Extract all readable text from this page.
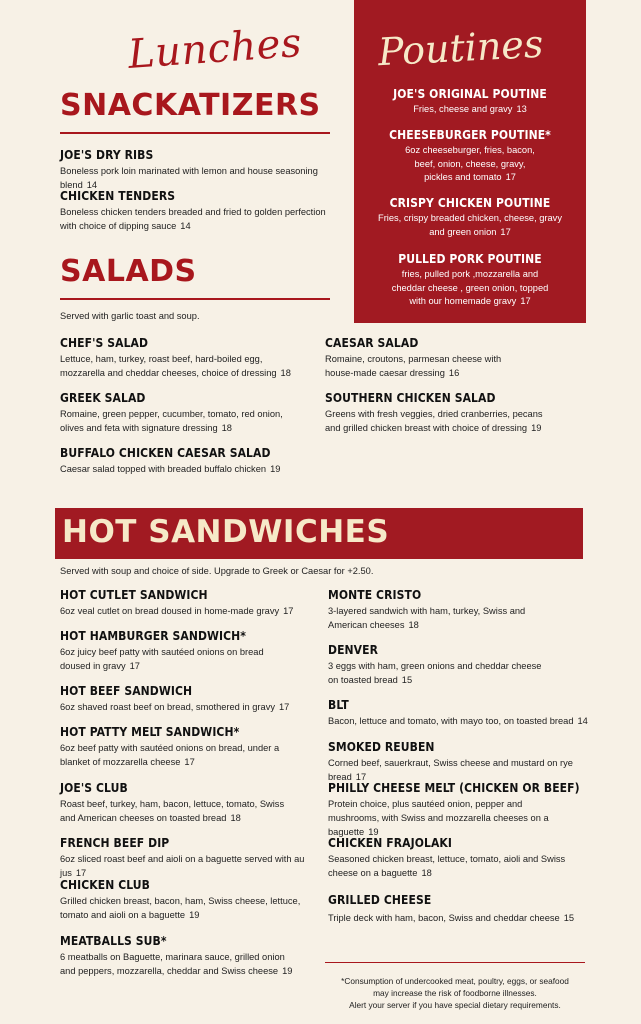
Lunches
SNACKATIZERS
JOE'S DRY RIBS
Boneless pork loin marinated with lemon and house seasoning blend 14
CHICKEN TENDERS
Boneless chicken tenders breaded and fried to golden perfection with choice of dipping sauce 14
SALADS
Served with garlic toast and soup.
CHEF'S SALAD
Lettuce, ham, turkey, roast beef, hard-boiled egg, mozzarella and cheddar cheeses, choice of dressing 18
GREEK SALAD
Romaine, green pepper, cucumber, tomato, red onion, olives and feta with signature dressing 18
BUFFALO CHICKEN CAESAR SALAD
Caesar salad topped with breaded buffalo chicken 19
CAESAR SALAD
Romaine, croutons, parmesan cheese with house-made caesar dressing 16
SOUTHERN CHICKEN SALAD
Greens with fresh veggies, dried cranberries, pecans and grilled chicken breast with choice of dressing 19
Poutines
JOE'S ORIGINAL POUTINE
Fries, cheese and gravy 13
CHEESEBURGER POUTINE*
6oz cheeseburger, fries, bacon, beef, onion, cheese, gravy, pickles and tomato 17
CRISPY CHICKEN POUTINE
Fries, crispy breaded chicken, cheese, gravy and green onion 17
PULLED PORK POUTINE
fries, pulled pork ,mozzarella and cheddar cheese , green onion, topped with our homemade gravy 17
HOT SANDWICHES
Served with soup and choice of side. Upgrade to Greek or Caesar for +2.50.
HOT CUTLET SANDWICH
6oz veal cutlet on bread doused in home-made gravy 17
HOT HAMBURGER SANDWICH*
6oz juicy beef patty with sautéed onions on bread doused in gravy 17
HOT BEEF SANDWICH
6oz shaved roast beef on bread, smothered in gravy 17
HOT PATTY MELT SANDWICH*
6oz beef patty with sautéed onions on bread, under a blanket of mozzarella cheese 17
JOE'S CLUB
Roast beef, turkey, ham, bacon, lettuce, tomato, Swiss and American cheeses on toasted bread 18
FRENCH BEEF DIP
6oz sliced roast beef and aioli on a baguette served with au jus 17
CHICKEN CLUB
Grilled chicken breast, bacon, ham, Swiss cheese, lettuce, tomato and aioli on a baguette 19
MEATBALLS SUB*
6 meatballs on Baguette, marinara sauce, grilled onion and peppers, mozzarella, cheddar and Swiss cheese 19
MONTE CRISTO
3-layered sandwich with ham, turkey, Swiss and American cheeses 18
DENVER
3 eggs with ham, green onions and cheddar cheese on toasted bread 15
BLT
Bacon, lettuce and tomato, with mayo too, on toasted bread 14
SMOKED REUBEN
Corned beef, sauerkraut, Swiss cheese and mustard on rye bread 17
PHILLY CHEESE MELT (CHICKEN OR BEEF)
Protein choice, plus sautéed onion, pepper and mushrooms, with Swiss and mozzarella cheeses on a baguette 19
CHICKEN FRAJOLAKI
Seasoned chicken breast, lettuce, tomato, aioli and Swiss cheese on a baguette 18
GRILLED CHEESE
Triple deck with ham, bacon, Swiss and cheddar cheese 15
*Consumption of undercooked meat, poultry, eggs, or seafood may increase the risk of foodborne illnesses.
Alert your server if you have special dietary requirements.
